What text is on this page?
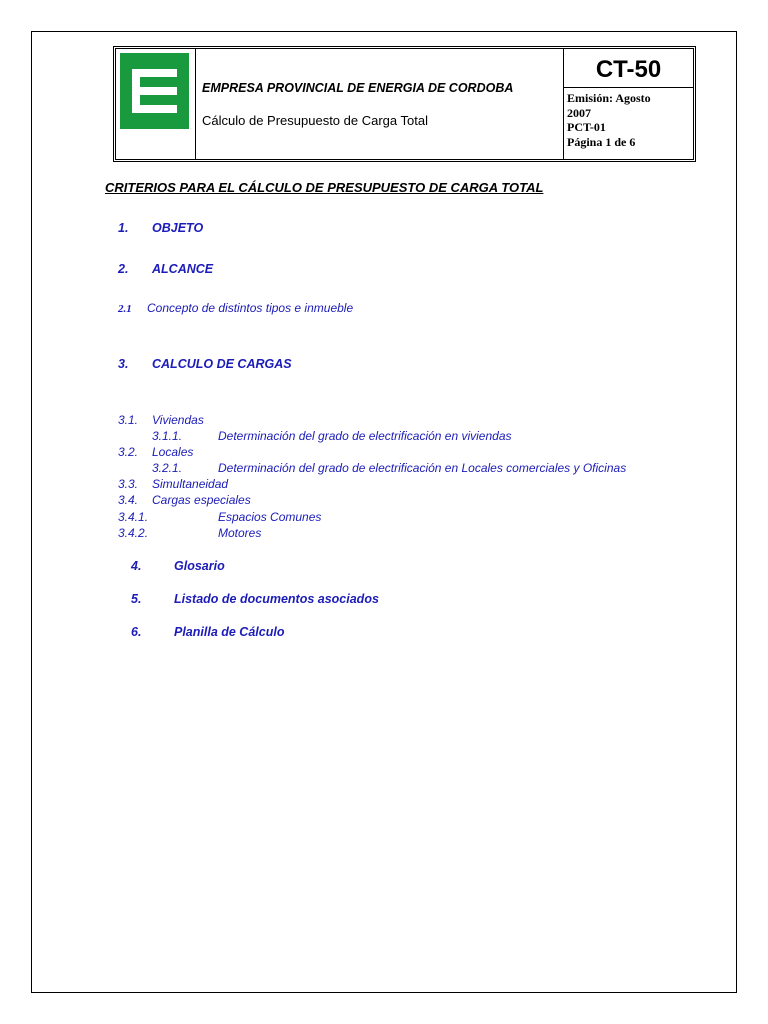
EMPRESA PROVINCIAL DE ENERGIA DE CORDOBA
Cálculo de Presupuesto de Carga Total
CT-50
Emisión: Agosto
2007
PCT-01
Página 1 de 6
CRITERIOS PARA EL CÁLCULO DE PRESUPUESTO DE CARGA TOTAL
1. OBJETO
2. ALCANCE
2.1 Concepto de distintos tipos e inmueble
3. CALCULO DE CARGAS
3.1. Viviendas
3.1.1.	Determinación del grado de electrificación en viviendas
3.2. Locales
3.2.1.	Determinación del grado de electrificación en Locales comerciales y Oficinas
3.3. Simultaneidad
3.4. Cargas especiales
3.4.1.	Espacios Comunes
3.4.2.	Motores
4.	Glosario
5.	Listado de documentos asociados
6.	Planilla de Cálculo
